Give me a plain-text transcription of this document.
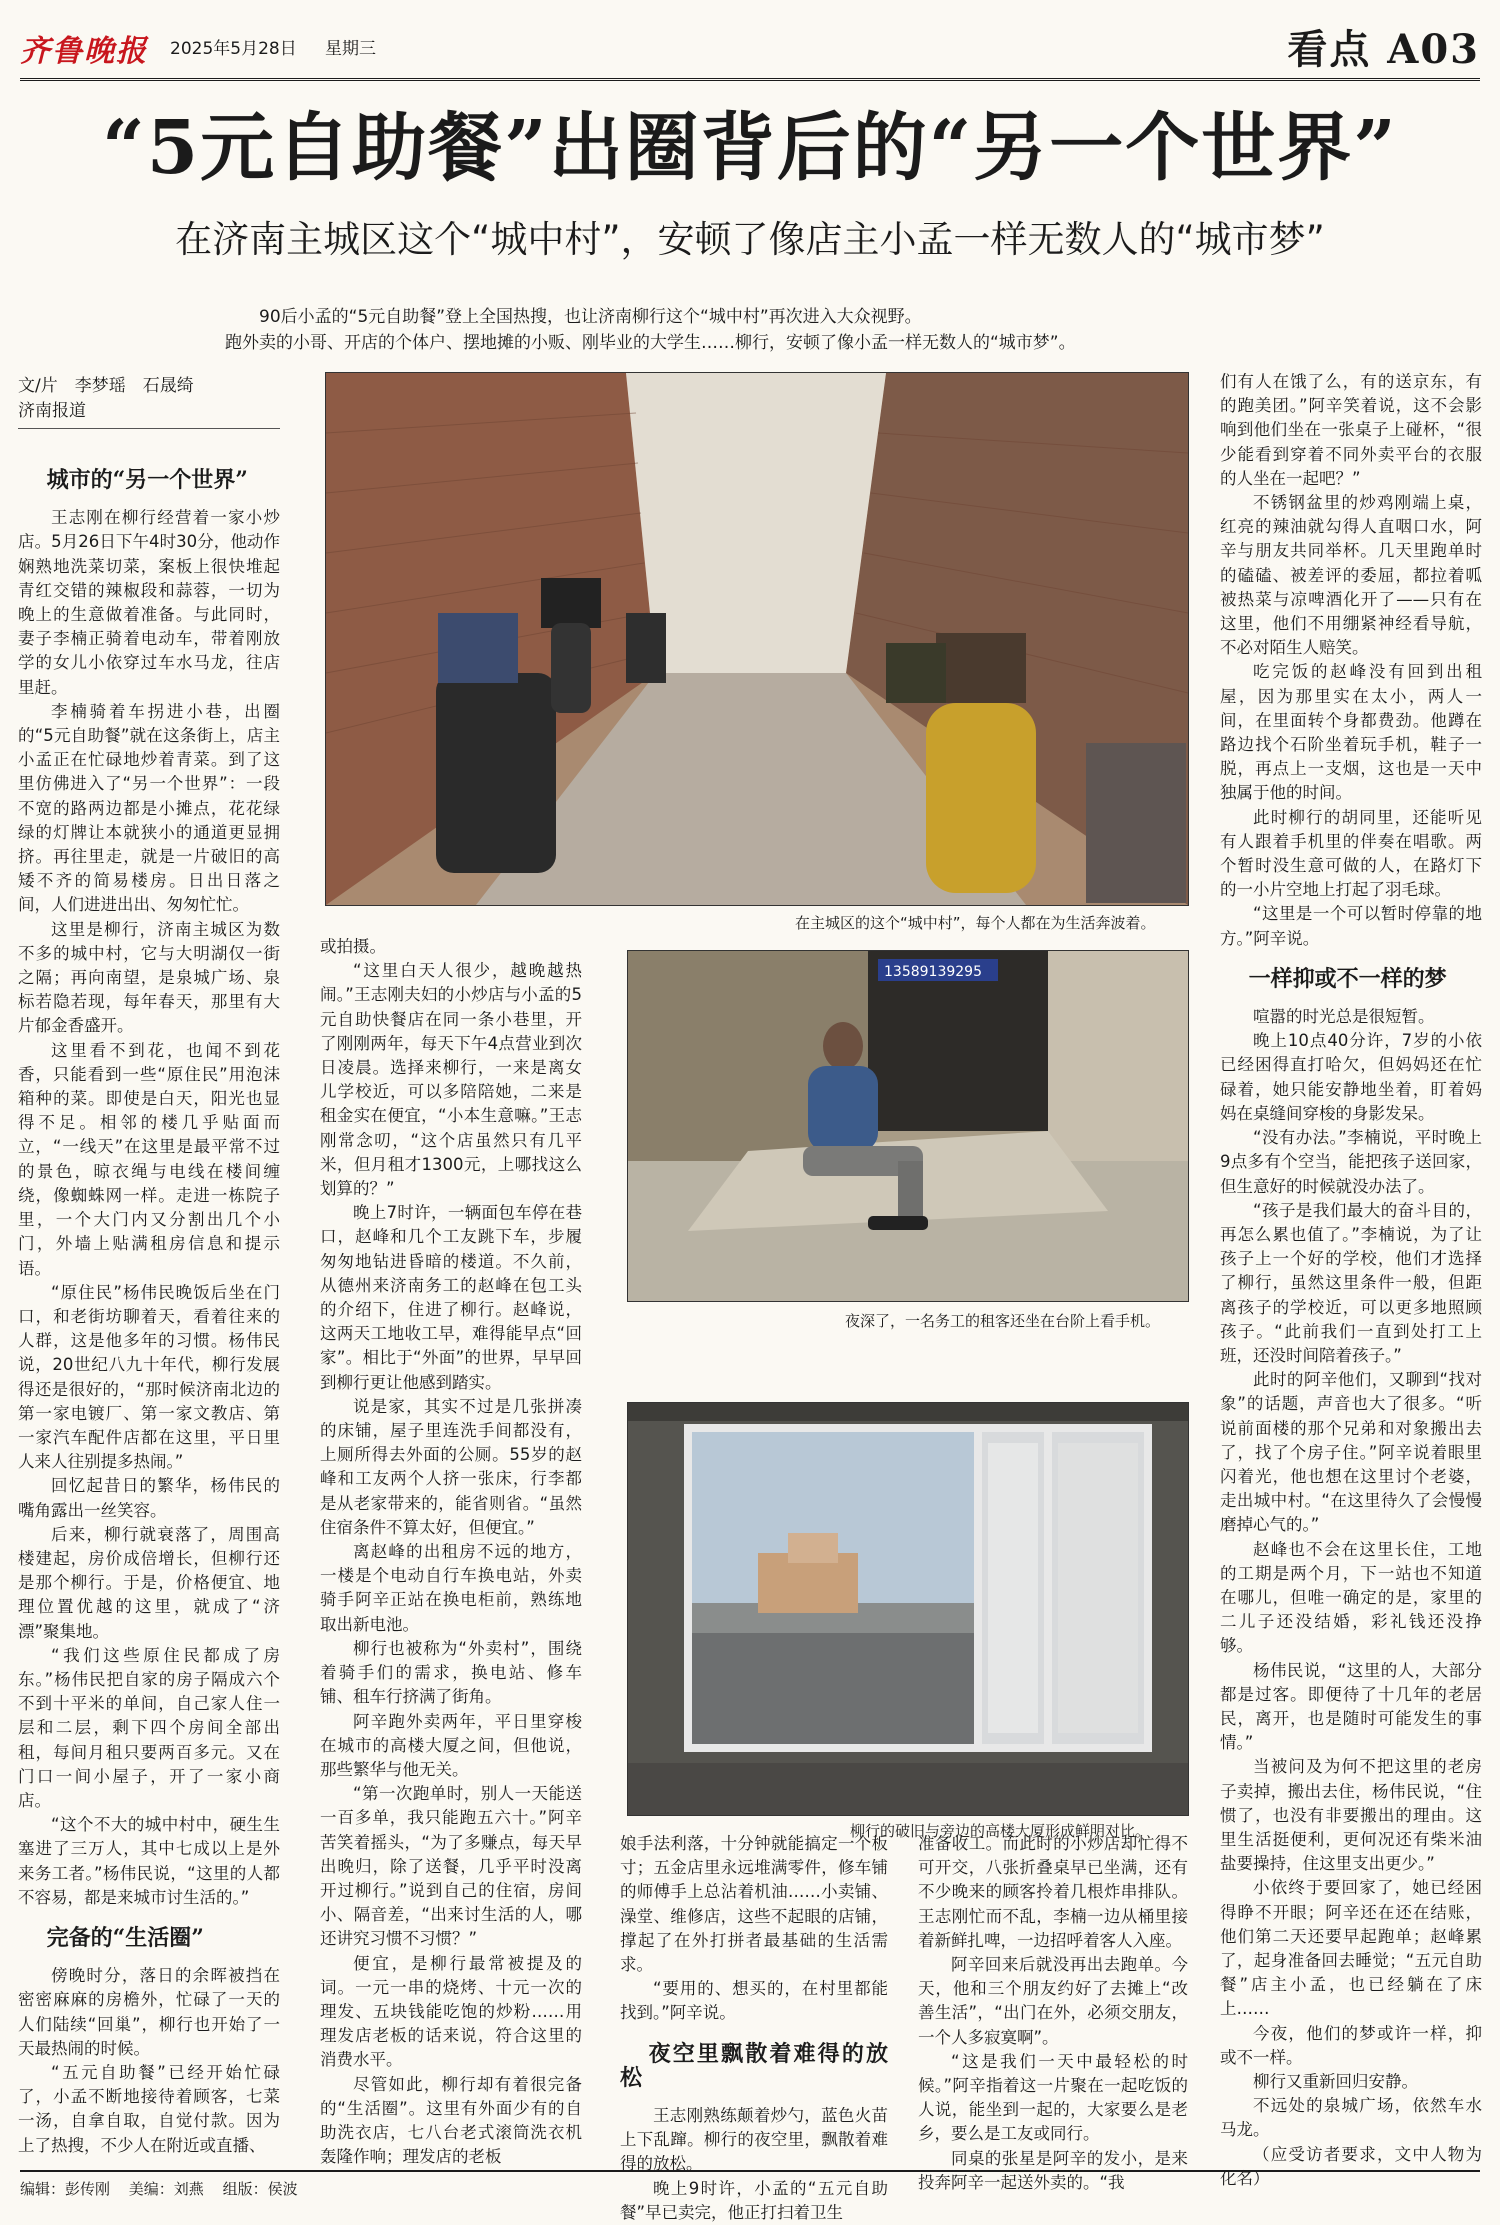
齐鲁晚报 2025年5月28日 星期三	看点 A03
“5元自助餐”出圈背后的“另一个世界”
在济南主城区这个“城中村”，安顿了像店主小孟一样无数人的“城市梦”

90后小孟的“5元自助餐”登上全国热搜，也让济南柳行这个“城中村”再次进入大众视野。

跑外卖的小哥、开店的个体户、摆地摊的小贩、刚毕业的大学生……柳行，安顿了像小孟一样无数人的“城市梦”。

文/片　李梦瑶　石晟绮
济南报道
城市的“另一个世界”

王志刚在柳行经营着一家小炒店。5月26日下午4时30分，他动作娴熟地洗菜切菜，案板上很快堆起青红交错的辣椒段和蒜蓉，一切为晚上的生意做着准备。与此同时，妻子李楠正骑着电动车，带着刚放学的女儿小依穿过车水马龙，往店里赶。

李楠骑着车拐进小巷，出圈的“5元自助餐”就在这条街上，店主小孟正在忙碌地炒着青菜。到了这里仿佛进入了“另一个世界”：一段不宽的路两边都是小摊点，花花绿绿的灯牌让本就狭小的通道更显拥挤。再往里走，就是一片破旧的高矮不齐的简易楼房。日出日落之间，人们进进出出、匆匆忙忙。

这里是柳行，济南主城区为数不多的城中村，它与大明湖仅一街之隔；再向南望，是泉城广场、泉标若隐若现，每年春天，那里有大片郁金香盛开。

这里看不到花，也闻不到花香，只能看到一些“原住民”用泡沫箱种的菜。即使是白天，阳光也显得不足。相邻的楼几乎贴面而立，“一线天”在这里是最平常不过的景色，晾衣绳与电线在楼间缠绕，像蜘蛛网一样。走进一栋院子里，一个大门内又分割出几个小门，外墙上贴满租房信息和提示语。

“原住民”杨伟民晚饭后坐在门口，和老街坊聊着天，看着往来的人群，这是他多年的习惯。杨伟民说，20世纪八九十年代，柳行发展得还是很好的，“那时候济南北边的第一家电镀厂、第一家文教店、第一家汽车配件店都在这里，平日里人来人往别提多热闹。”

回忆起昔日的繁华，杨伟民的嘴角露出一丝笑容。

后来，柳行就衰落了，周围高楼建起，房价成倍增长，但柳行还是那个柳行。于是，价格便宜、地理位置优越的这里，就成了“济漂”聚集地。

“我们这些原住民都成了房东。”杨伟民把自家的房子隔成六个不到十平米的单间，自己家人住一层和二层，剩下四个房间全部出租，每间月租只要两百多元。又在门口一间小屋子，开了一家小商店。

“这个不大的城中村中，硬生生塞进了三万人，其中七成以上是外来务工者。”杨伟民说，“这里的人都不容易，都是来城市讨生活的。”

完备的“生活圈”

傍晚时分，落日的余晖被挡在密密麻麻的房檐外，忙碌了一天的人们陆续“回巢”，柳行也开始了一天最热闹的时候。

“五元自助餐”已经开始忙碌了，小孟不断地接待着顾客，七菜一汤，自拿自取，自觉付款。因为上了热搜，不少人在附近或直播、

或拍摄。

“这里白天人很少，越晚越热闹。”王志刚夫妇的小炒店与小孟的5元自助快餐店在同一条小巷里，开了刚刚两年，每天下午4点营业到次日凌晨。选择来柳行，一来是离女儿学校近，可以多陪陪她，二来是租金实在便宜，“小本生意嘛。”王志刚常念叨，“这个店虽然只有几平米，但月租才1300元，上哪找这么划算的？”

晚上7时许，一辆面包车停在巷口，赵峰和几个工友跳下车，步履匆匆地钻进昏暗的楼道。不久前，从德州来济南务工的赵峰在包工头的介绍下，住进了柳行。赵峰说，这两天工地收工早，难得能早点“回家”。相比于“外面”的世界，早早回到柳行更让他感到踏实。

说是家，其实不过是几张拼凑的床铺，屋子里连洗手间都没有，上厕所得去外面的公厕。55岁的赵峰和工友两个人挤一张床，行李都是从老家带来的，能省则省。“虽然住宿条件不算太好，但便宜。”

离赵峰的出租房不远的地方，一楼是个电动自行车换电站，外卖骑手阿辛正站在换电柜前，熟练地取出新电池。

柳行也被称为“外卖村”，围绕着骑手们的需求，换电站、修车铺、租车行挤满了街角。

阿辛跑外卖两年，平日里穿梭在城市的高楼大厦之间，但他说，那些繁华与他无关。

“第一次跑单时，别人一天能送一百多单，我只能跑五六十。”阿辛苦笑着摇头，“为了多赚点，每天早出晚归，除了送餐，几乎平时没离开过柳行。”说到自己的住宿，房间小、隔音差，“出来讨生活的人，哪还讲究习惯不习惯？”

便宜，是柳行最常被提及的词。一元一串的烧烤、十元一次的理发、五块钱能吃饱的炒粉……用理发店老板的话来说，符合这里的消费水平。

尽管如此，柳行却有着很完备的“生活圈”。这里有外面少有的自助洗衣店，七八台老式滚筒洗衣机轰隆作响；理发店的老板

娘手法利落，十分钟就能搞定一个板寸；五金店里永远堆满零件，修车铺的师傅手上总沾着机油……小卖铺、澡堂、维修店，这些不起眼的店铺，撑起了在外打拼者最基础的生活需求。

“要用的、想买的，在村里都能找到。”阿辛说。

夜空里飘散着难得的放松

王志刚熟练颠着炒勺，蓝色火苗上下乱蹿。柳行的夜空里，飘散着难得的放松。

晚上9时许，小孟的“五元自助餐”早已卖完，他正打扫着卫生

准备收工。而此时的小炒店却忙得不可开交，八张折叠桌早已坐满，还有不少晚来的顾客拎着几根炸串排队。王志刚忙而不乱，李楠一边从桶里接着新鲜扎啤，一边招呼着客人入座。

阿辛回来后就没再出去跑单。今天，他和三个朋友约好了去摊上“改善生活”，“出门在外，必须交朋友，一个人多寂寞啊”。

“这是我们一天中最轻松的时候。”阿辛指着这一片聚在一起吃饭的人说，能坐到一起的，大家要么是老乡，要么是工友或同行。

同桌的张星是阿辛的发小，是来投奔阿辛一起送外卖的。“我

们有人在饿了么，有的送京东，有的跑美团。”阿辛笑着说，这不会影响到他们坐在一张桌子上碰杯，“很少能看到穿着不同外卖平台的衣服的人坐在一起吧？”

不锈钢盆里的炒鸡刚端上桌，红亮的辣油就勾得人直咽口水，阿辛与朋友共同举杯。几天里跑单时的磕磕、被差评的委屈，都拉着呱被热菜与凉啤酒化开了——只有在这里，他们不用绷紧神经看导航，不必对陌生人赔笑。

吃完饭的赵峰没有回到出租屋，因为那里实在太小，两人一间，在里面转个身都费劲。他蹲在路边找个石阶坐着玩手机，鞋子一脱，再点上一支烟，这也是一天中独属于他的时间。

此时柳行的胡同里，还能听见有人跟着手机里的伴奏在唱歌。两个暂时没生意可做的人，在路灯下的一小片空地上打起了羽毛球。

“这里是一个可以暂时停靠的地方。”阿辛说。

一样抑或不一样的梦

喧嚣的时光总是很短暂。

晚上10点40分许，7岁的小依已经困得直打哈欠，但妈妈还在忙碌着，她只能安静地坐着，盯着妈妈在桌缝间穿梭的身影发呆。

“没有办法。”李楠说，平时晚上9点多有个空当，能把孩子送回家，但生意好的时候就没办法了。

“孩子是我们最大的奋斗目的，再怎么累也值了。”李楠说，为了让孩子上一个好的学校，他们才选择了柳行，虽然这里条件一般，但距离孩子的学校近，可以更多地照顾孩子。“此前我们一直到处打工上班，还没时间陪着孩子。”

此时的阿辛他们，又聊到“找对象”的话题，声音也大了很多。“听说前面楼的那个兄弟和对象搬出去了，找了个房子住。”阿辛说着眼里闪着光，他也想在这里讨个老婆，走出城中村。“在这里待久了会慢慢磨掉心气的。”

赵峰也不会在这里长住，工地的工期是两个月，下一站也不知道在哪儿，但唯一确定的是，家里的二儿子还没结婚，彩礼钱还没挣够。

杨伟民说，“这里的人，大部分都是过客。即便待了十几年的老居民，离开，也是随时可能发生的事情。”

当被问及为何不把这里的老房子卖掉，搬出去住，杨伟民说，“住惯了，也没有非要搬出的理由。这里生活挺便利，更何况还有柴米油盐要操持，住这里支出更少。”

小依终于要回家了，她已经困得睁不开眼；阿辛还在还在结账，他们第二天还要早起跑单；赵峰累了，起身准备回去睡觉；“五元自助餐”店主小孟，也已经躺在了床上……

今夜，他们的梦或许一样，抑或不一样。

柳行又重新回归安静。

不远处的泉城广场，依然车水马龙。

（应受访者要求，文中人物为化名）

在主城区的这个“城中村”，每个人都在为生活奔波着。
13589139295
夜深了，一名务工的租客还坐在台阶上看手机。
柳行的破旧与旁边的高楼大厦形成鲜明对比。
编辑：彭传刚 美编：刘燕 组版：侯波
